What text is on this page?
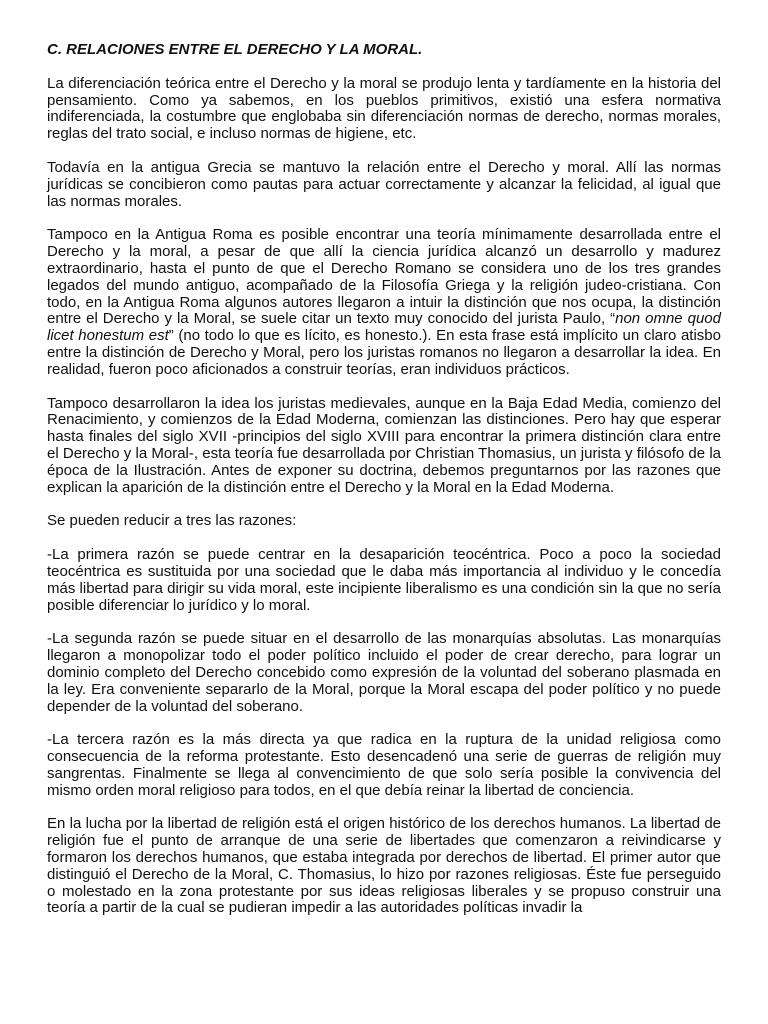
C. RELACIONES ENTRE EL DERECHO Y LA MORAL.

La diferenciación teórica entre el Derecho y la moral se produjo lenta y tardíamente en la historia del pensamiento. Como ya sabemos, en los pueblos primitivos, existió una esfera normativa indiferenciada, la costumbre que englobaba sin diferenciación normas de derecho, normas morales, reglas del trato social, e incluso normas de higiene, etc.

Todavía en la antigua Grecia se mantuvo la relación entre el Derecho y moral. Allí las normas jurídicas se concibieron como pautas para actuar correctamente y alcanzar la felicidad, al igual que las normas morales.

Tampoco en la Antigua Roma es posible encontrar una teoría mínimamente desarrollada entre el Derecho y la moral, a pesar de que allí la ciencia jurídica alcanzó un desarrollo y madurez extraordinario, hasta el punto de que el Derecho Romano se considera uno de los tres grandes legados del mundo antiguo, acompañado de la Filosofía Griega y la religión judeo-cristiana. Con todo, en la Antigua Roma algunos autores llegaron a intuir la distinción que nos ocupa, la distinción entre el Derecho y la Moral, se suele citar un texto muy conocido del jurista Paulo, “non omne quod licet honestum est” (no todo lo que es lícito, es honesto.). En esta frase está implícito un claro atisbo entre la distinción de Derecho y Moral, pero los juristas romanos no llegaron a desarrollar la idea. En realidad, fueron poco aficionados a construir teorías, eran individuos prácticos.

Tampoco desarrollaron la idea los juristas medievales, aunque en la Baja Edad Media, comienzo del Renacimiento, y comienzos de la Edad Moderna, comienzan las distinciones. Pero hay que esperar hasta finales del siglo XVII -principios del siglo XVIII para encontrar la primera distinción clara entre el Derecho y la Moral-, esta teoría fue desarrollada por Christian Thomasius, un jurista y filósofo de la época de la Ilustración. Antes de exponer su doctrina, debemos preguntarnos por las razones que explican la aparición de la distinción entre el Derecho y la Moral en la Edad Moderna.

Se pueden reducir a tres las razones:

-La primera razón se puede centrar en la desaparición teocéntrica. Poco a poco la sociedad teocéntrica es sustituida por una sociedad que le daba más importancia al individuo y le concedía más libertad para dirigir su vida moral, este incipiente liberalismo es una condición sin la que no sería posible diferenciar lo jurídico y lo moral.

-La segunda razón se puede situar en el desarrollo de las monarquías absolutas. Las monarquías llegaron a monopolizar todo el poder político incluido el poder de crear derecho, para lograr un dominio completo del Derecho concebido como expresión de la voluntad del soberano plasmada en la ley. Era conveniente separarlo de la Moral, porque la Moral escapa del poder político y no puede depender de la voluntad del soberano.

-La tercera razón es la más directa ya que radica en la ruptura de la unidad religiosa como consecuencia de la reforma protestante. Esto desencadenó una serie de guerras de religión muy sangrentas. Finalmente se llega al convencimiento de que solo sería posible la convivencia del mismo orden moral religioso para todos, en el que debía reinar la libertad de conciencia.

En la lucha por la libertad de religión está el origen histórico de los derechos humanos. La libertad de religión fue el punto de arranque de una serie de libertades que comenzaron a reivindicarse y formaron los derechos humanos, que estaba integrada por derechos de libertad. El primer autor que distinguió el Derecho de la Moral, C. Thomasius, lo hizo por razones religiosas. Éste fue perseguido o molestado en la zona protestante por sus ideas religiosas liberales y se propuso construir una teoría a partir de la cual se pudieran impedir a las autoridades políticas invadir la
